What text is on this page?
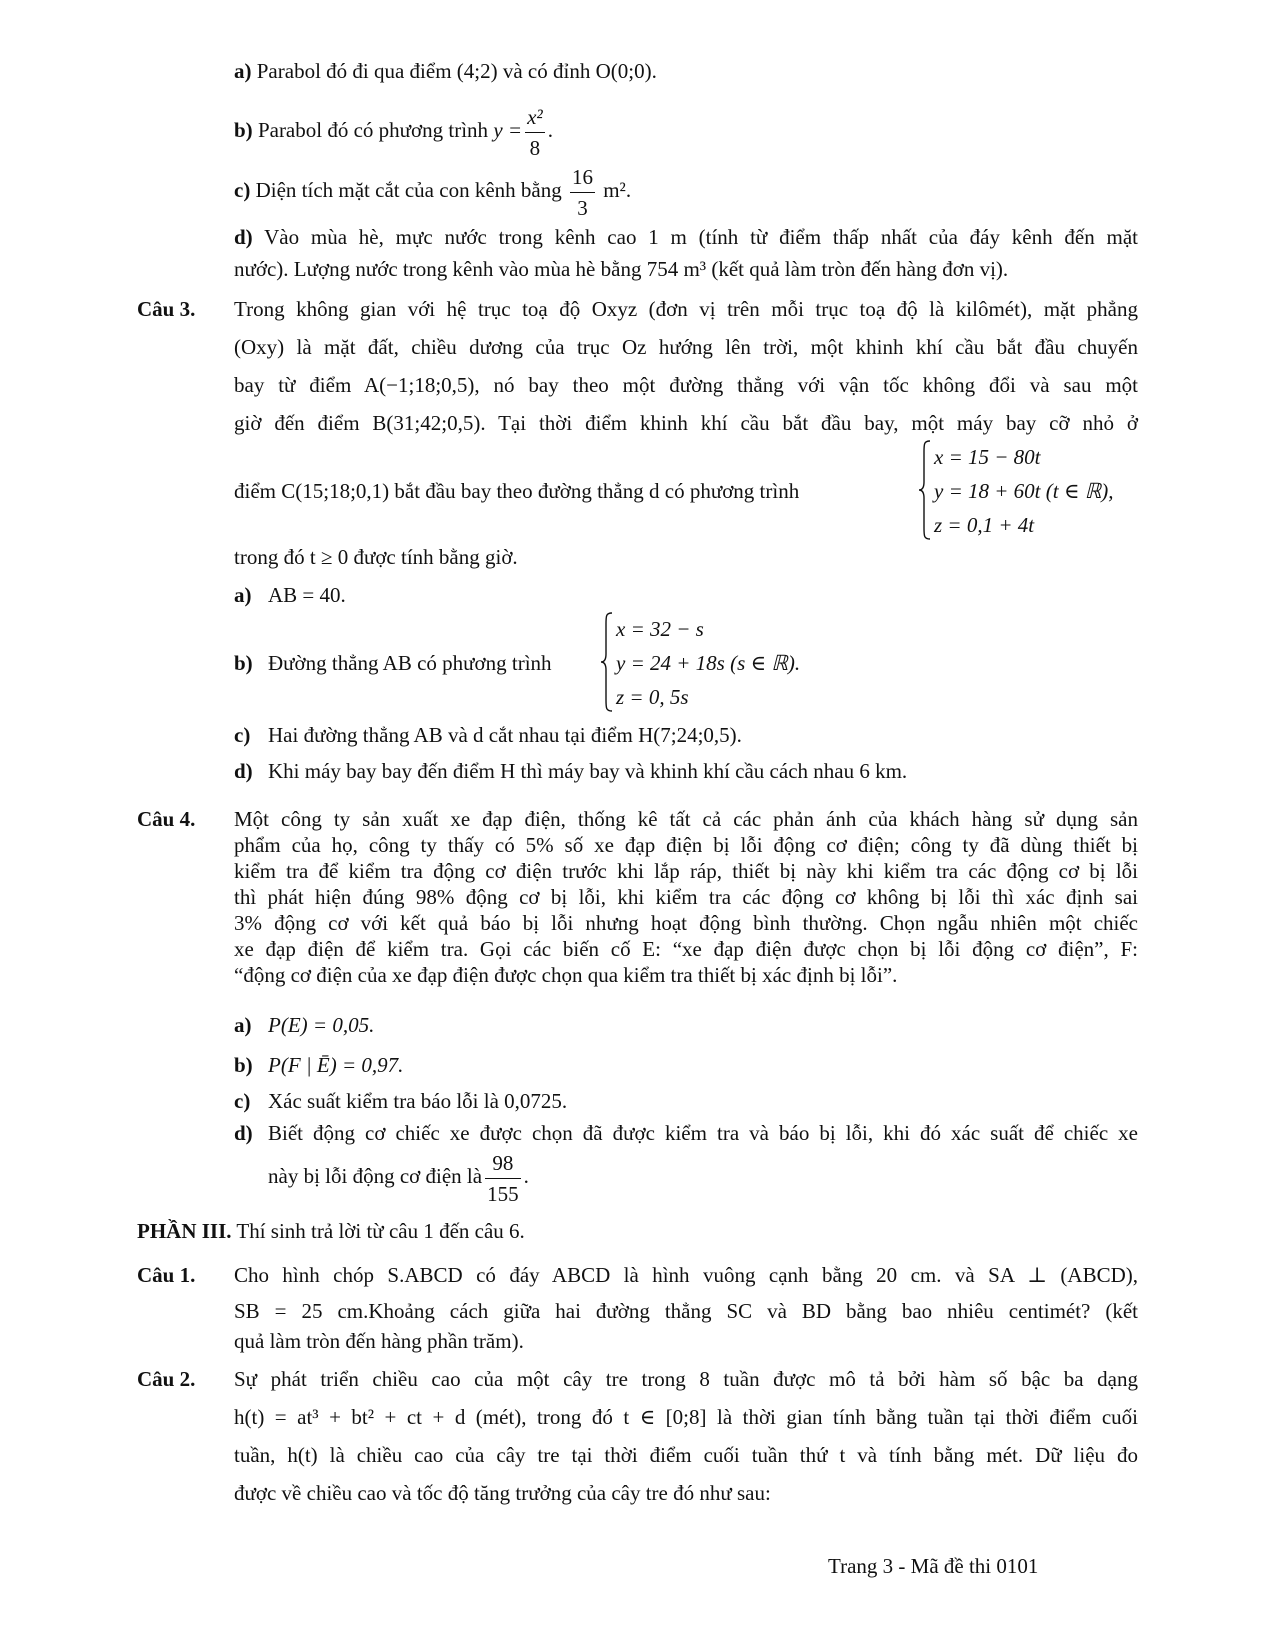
a) Parabol đó đi qua điểm (4;2) và có đỉnh O(0;0).
b) Parabol đó có phương trình $y = \frac{\text{x²}}{8}$ .
c) Diện tích mặt cắt của con kênh bằng $\frac{16}{3} m^2$.
d) Vào mùa hè, mực nước trong kênh cao 1 m (tính từ điểm thấp nhất của đáy kênh đến mặt
nước). Lượng nước trong kênh vào mùa hè bằng 754 m³ (kết quả làm tròn đến hàng đơn vị).
Câu 3. Trong không gian với hệ trục toạ độ Oxyz (đơn vị trên mỗi trục toạ độ là kilômét), mặt phẳng
(Oxy) là mặt đất, chiều dương của trục Oz hướng lên trời, một khinh khí cầu bắt đầu chuyến
bay từ điểm A(−1;18;0,5), nó bay theo một đường thẳng với vận tốc không đổi và sau một
giờ đến điểm B(31;42;0,5). Tại thời điểm khinh khí cầu bắt đầu bay, một máy bay cỡ nhỏ ở
điểm C(15;18;0,1) bắt đầu bay theo đường thẳng d có phương trình
x = 15 − 80t
y = 18 + 60t (t ∈ ℝ),
z = 0,1 + 4t
trong đó t ≥ 0 được tính bằng giờ.
a) AB = 40.
b) Đường thẳng AB có phương trình
x = 32 − s
y = 24 + 18s (s ∈ ℝ).
z = 0, 5s
c) Hai đường thẳng AB và d cắt nhau tại điểm H(7;24;0,5).
d) Khi máy bay bay đến điểm H thì máy bay và khinh khí cầu cách nhau 6 km.
Câu 4. Một công ty sản xuất xe đạp điện, thống kê tất cả các phản ánh của khách hàng sử dụng sản
phẩm của họ, công ty thấy có 5% số xe đạp điện bị lỗi động cơ điện; công ty đã dùng thiết bị
kiểm tra để kiểm tra động cơ điện trước khi lắp ráp, thiết bị này khi kiểm tra các động cơ bị lỗi
thì phát hiện đúng 98% động cơ bị lỗi, khi kiểm tra các động cơ không bị lỗi thì xác định sai
3% động cơ với kết quả báo bị lỗi nhưng hoạt động bình thường. Chọn ngẫu nhiên một chiếc
xe đạp điện để kiểm tra. Gọi các biến cố E: “xe đạp điện được chọn bị lỗi động cơ điện”, F:
“động cơ điện của xe đạp điện được chọn qua kiểm tra thiết bị xác định bị lỗi”.
a) P(E) = 0,05.
b) P(F | Ē) = 0,97.
c) Xác suất kiểm tra báo lỗi là 0,0725.
d) Biết động cơ chiếc xe được chọn đã được kiểm tra và báo bị lỗi, khi đó xác suất để chiếc xe
này bị lỗi động cơ điện là $\frac{98}{155}$ .
PHẦN III. Thí sinh trả lời từ câu 1 đến câu 6.
Câu 1. Cho hình chóp S.ABCD có đáy ABCD là hình vuông cạnh bằng 20 cm. và SA ⊥ (ABCD),
SB = 25 cm.Khoảng cách giữa hai đường thẳng SC và BD bằng bao nhiêu centimét? (kết
quả làm tròn đến hàng phần trăm).
Câu 2. Sự phát triển chiều cao của một cây tre trong 8 tuần được mô tả bởi hàm số bậc ba dạng
h(t) = at³ + bt² + ct + d (mét), trong đó t ∈ [0;8] là thời gian tính bằng tuần tại thời điểm cuối
tuần, h(t) là chiều cao của cây tre tại thời điểm cuối tuần thứ t và tính bằng mét. Dữ liệu đo
được về chiều cao và tốc độ tăng trưởng của cây tre đó như sau:
Trang 3 - Mã đề thi 0101
